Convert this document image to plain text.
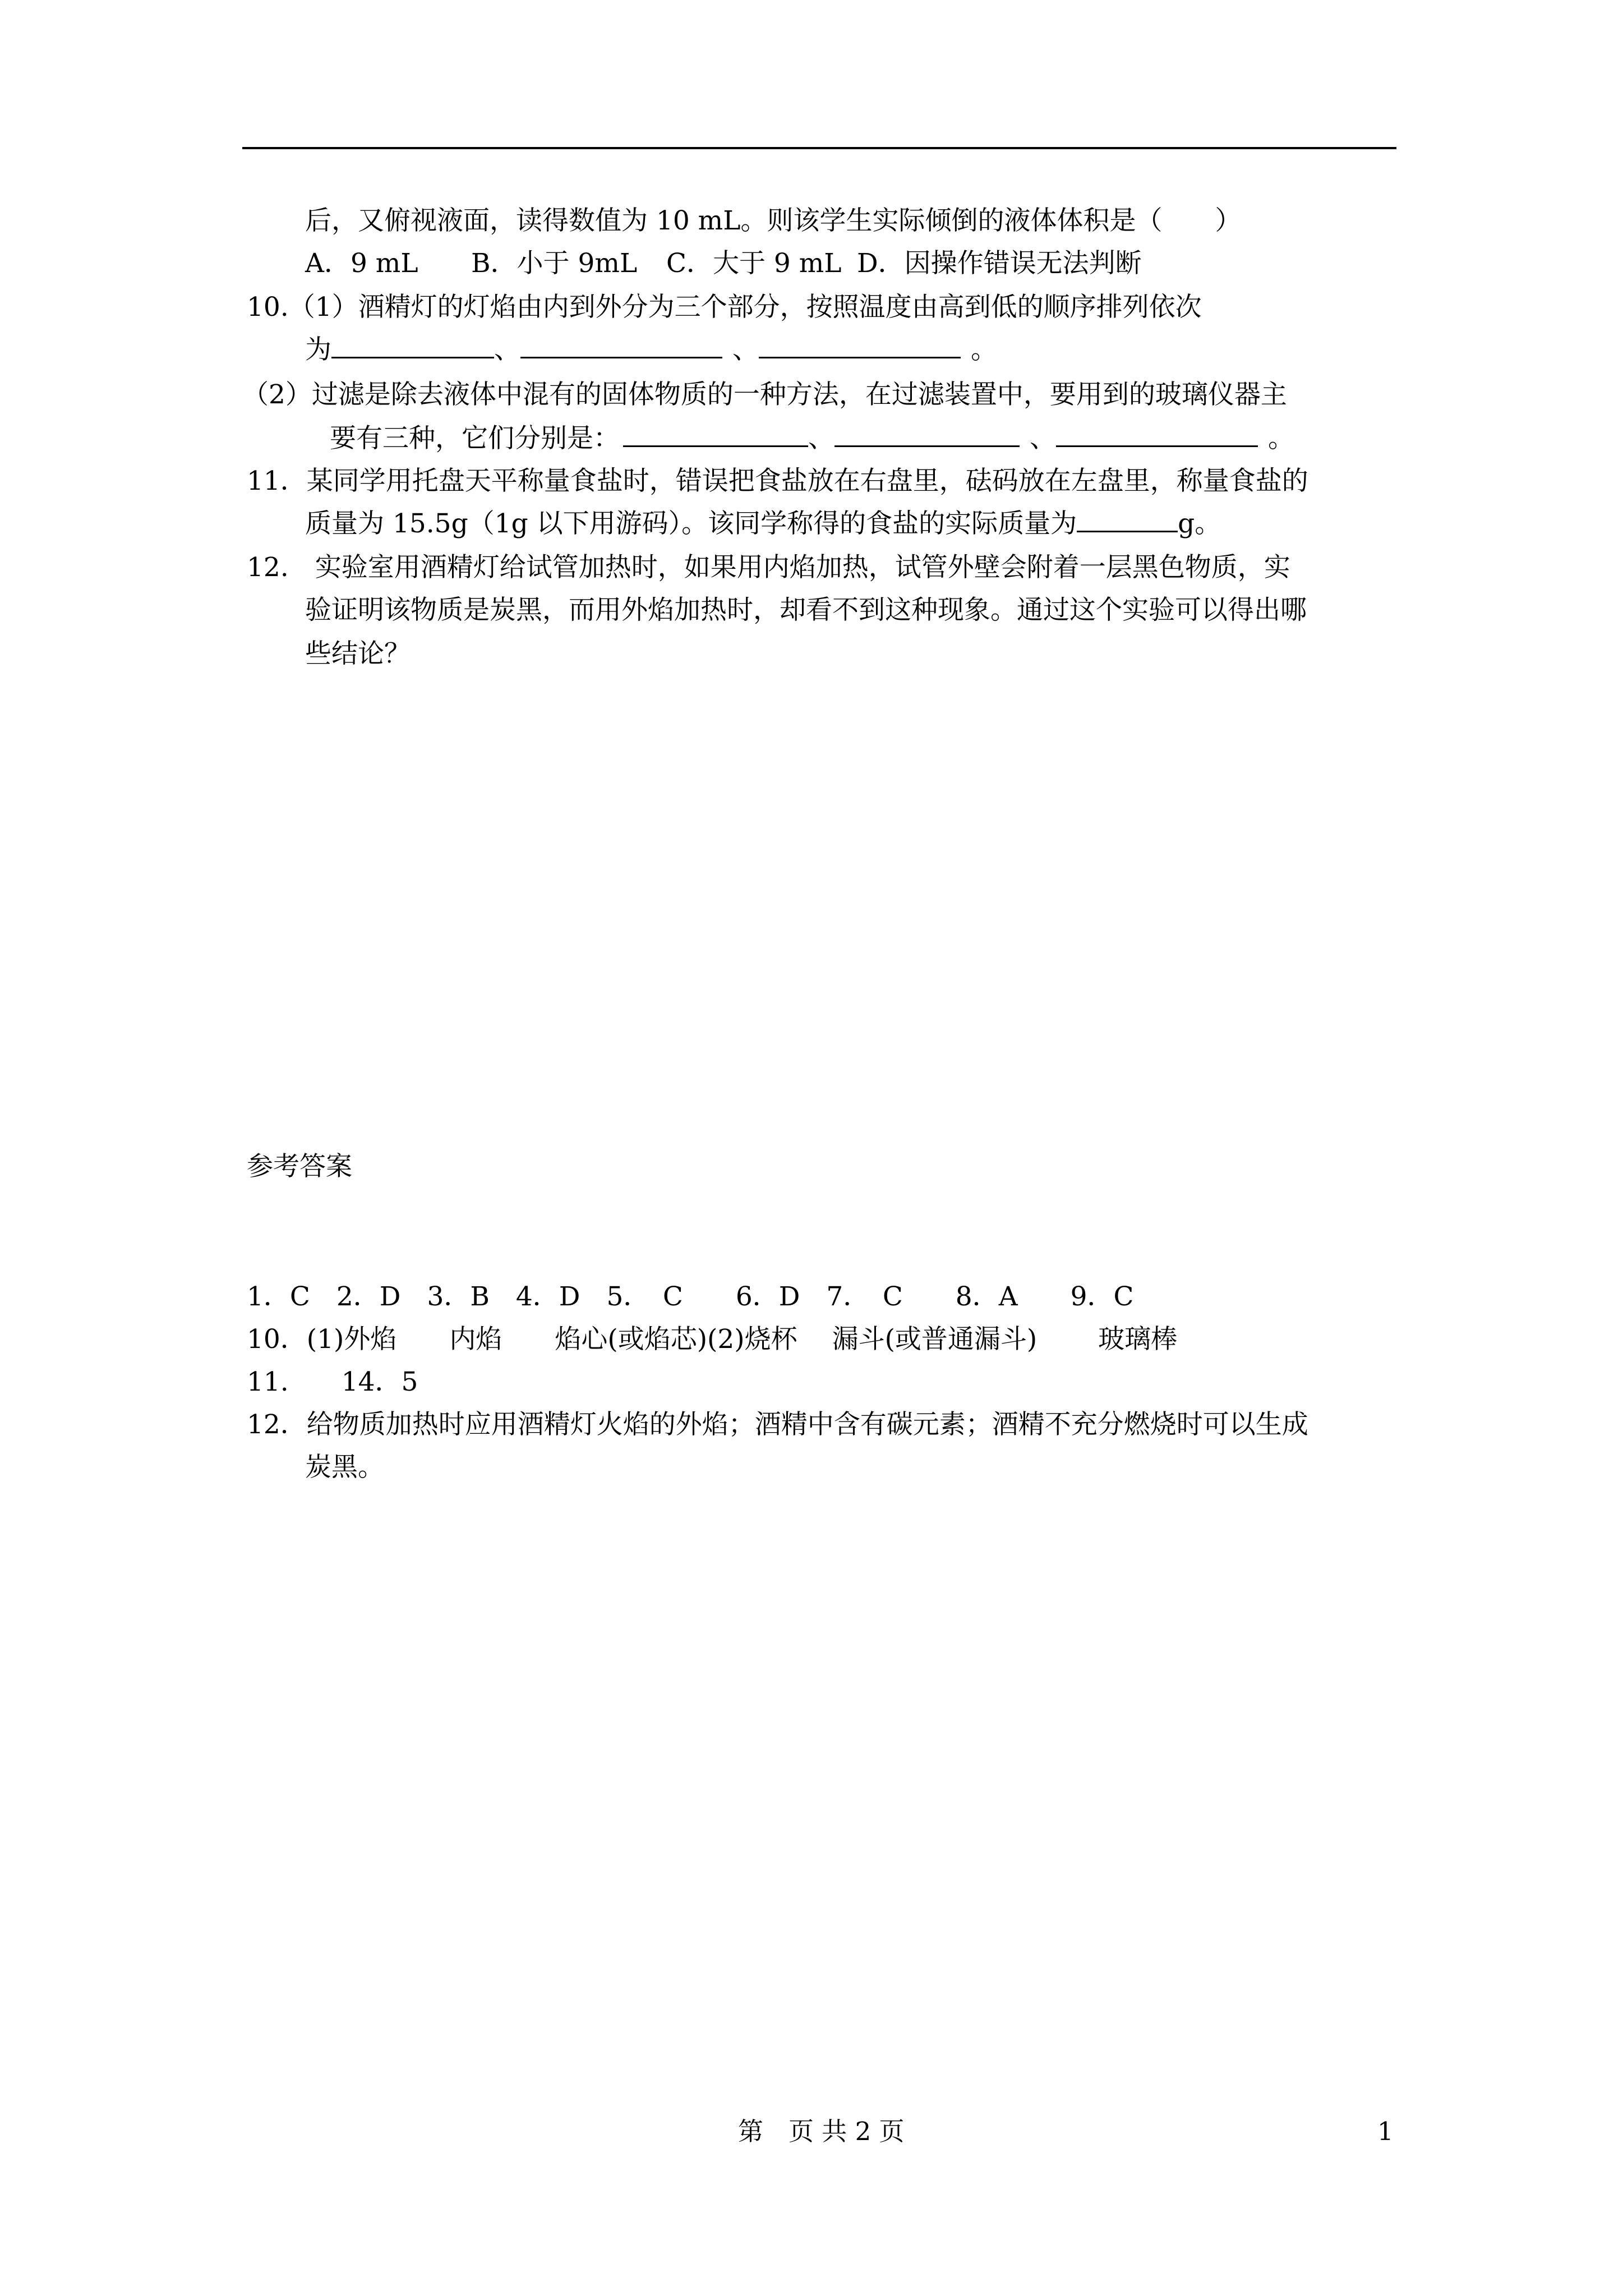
后，又俯视液面，读得数值为 10 mL。则该学生实际倾倒的液体体积是（　　）
A．9 mL B．小于 9mL C．大于 9 mL D．因操作错误无法判断
10.（1）酒精灯的灯焰由内到外分为三个部分，按照温度由高到低的顺序排列依次
为	、	、	。
（2）过滤是除去液体中混有的固体物质的一种方法，在过滤装置中，要用到的玻璃仪器主
要有三种，它们分别是：	、	、	。
11．某同学用托盘天平称量食盐时，错误把食盐放在右盘里，砝码放在左盘里，称量食盐的
质量为 15.5g（1g 以下用游码）。该同学称得的食盐的实际质量为	g。
12.　实验室用酒精灯给试管加热时，如果用内焰加热，试管外壁会附着一层黑色物质，实
验证明该物质是炭黑，而用外焰加热时，却看不到这种现象。通过这个实验可以得出哪
些结论？
参考答案
1．C　2．D　3．B　4．D　5．　C　　6．D　7．　C　　8．A　　9．C
10．(1)外焰　　内焰　　焰心(或焰芯)(2)烧杯　 漏斗(或普通漏斗)　　 玻璃棒
11.　　14．5
12．给物质加热时应用酒精灯火焰的外焰；酒精中含有碳元素；酒精不充分燃烧时可以生成
炭黑。
第　页 共 2 页	1
